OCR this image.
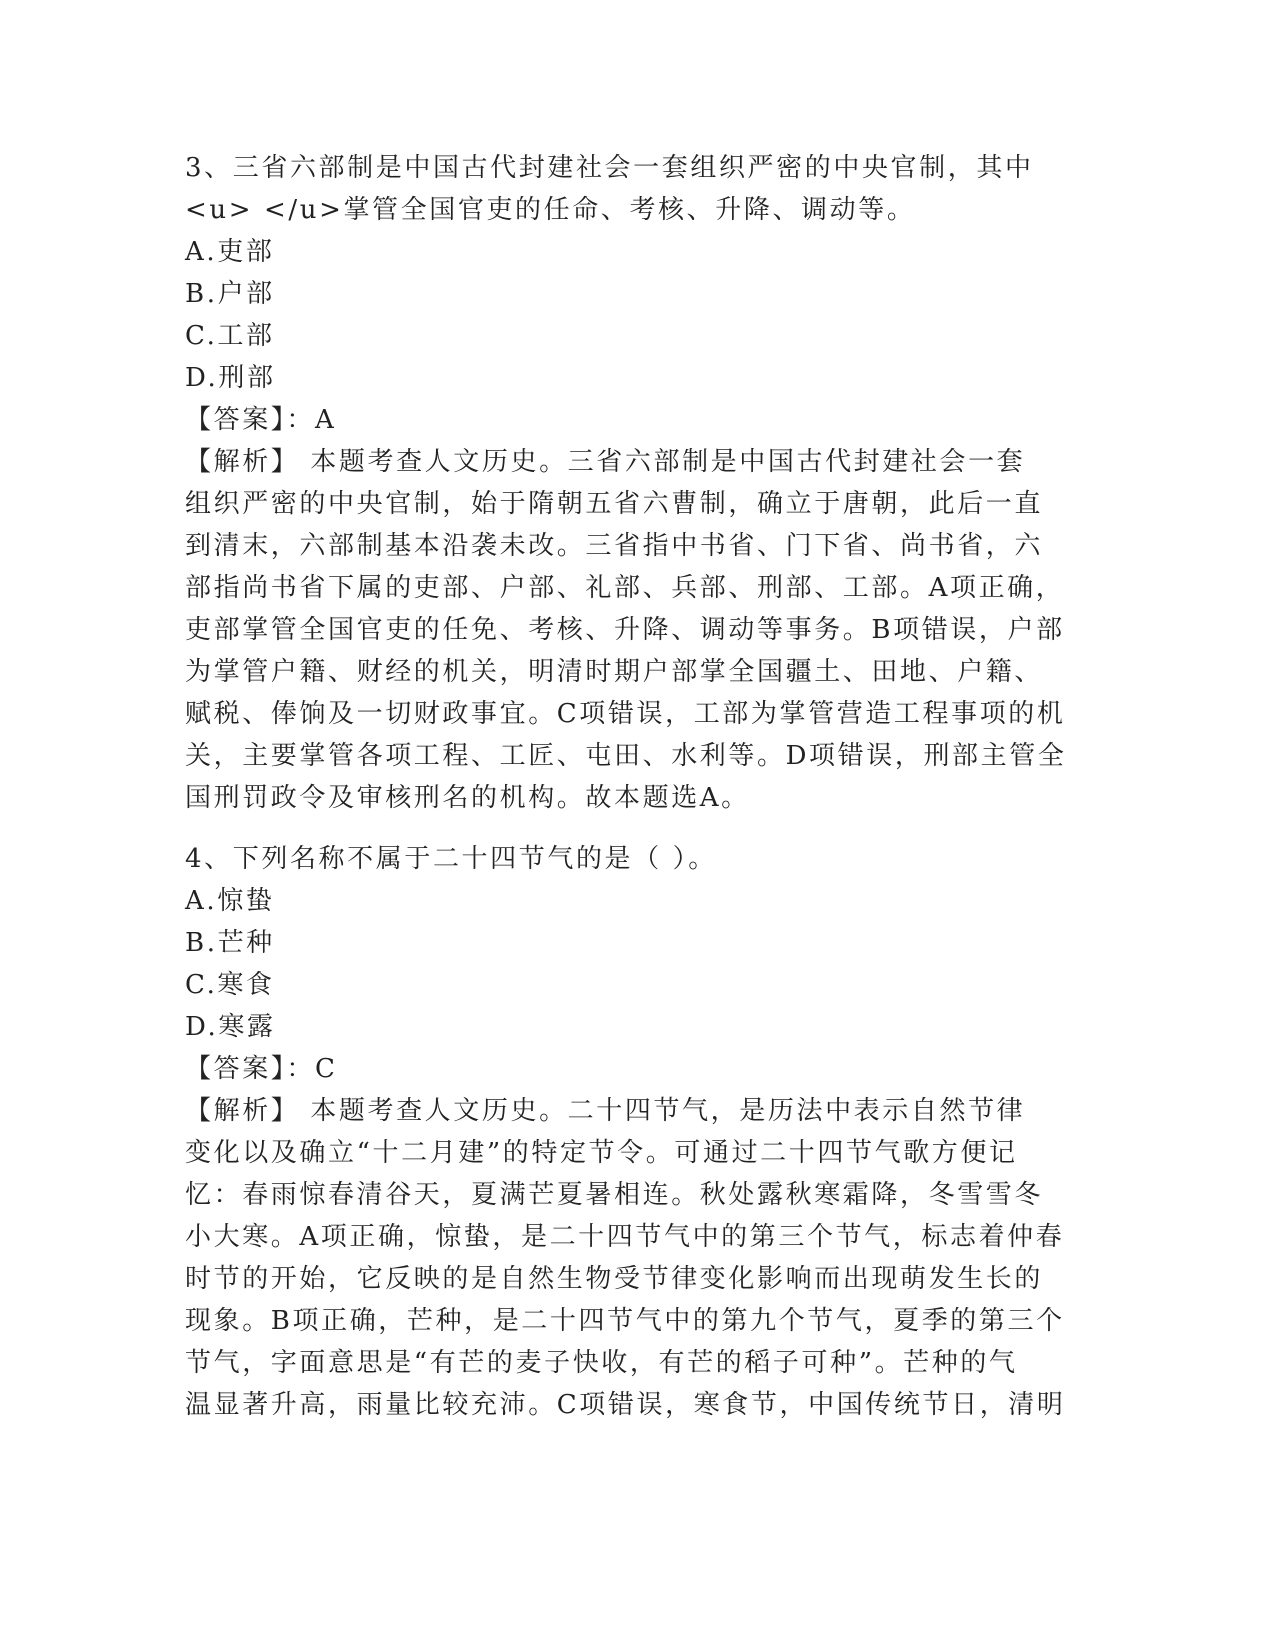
3、三省六部制是中国古代封建社会一套组织严密的中央官制，其中
<u> </u>掌管全国官吏的任命、考核、升降、调动等。
A.吏部
B.户部
C.工部
D.刑部
【答案】：A
【解析】 本题考查人文历史。三省六部制是中国古代封建社会一套
组织严密的中央官制，始于隋朝五省六曹制，确立于唐朝，此后一直
到清末，六部制基本沿袭未改。三省指中书省、门下省、尚书省，六
部指尚书省下属的吏部、户部、礼部、兵部、刑部、工部。A项正确，
吏部掌管全国官吏的任免、考核、升降、调动等事务。B项错误，户部
为掌管户籍、财经的机关，明清时期户部掌全国疆土、田地、户籍、
赋税、俸饷及一切财政事宜。C项错误，工部为掌管营造工程事项的机
关，主要掌管各项工程、工匠、屯田、水利等。D项错误，刑部主管全
国刑罚政令及审核刑名的机构。故本题选A。
4、下列名称不属于二十四节气的是（ ）。
A.惊蛰
B.芒种
C.寒食
D.寒露
【答案】：C
【解析】 本题考查人文历史。二十四节气，是历法中表示自然节律
变化以及确立“十二月建”的特定节令。可通过二十四节气歌方便记
忆：春雨惊春清谷天，夏满芒夏暑相连。秋处露秋寒霜降，冬雪雪冬
小大寒。A项正确，惊蛰，是二十四节气中的第三个节气，标志着仲春
时节的开始，它反映的是自然生物受节律变化影响而出现萌发生长的
现象。B项正确，芒种，是二十四节气中的第九个节气，夏季的第三个
节气，字面意思是“有芒的麦子快收，有芒的稻子可种”。芒种的气
温显著升高，雨量比较充沛。C项错误，寒食节，中国传统节日，清明
